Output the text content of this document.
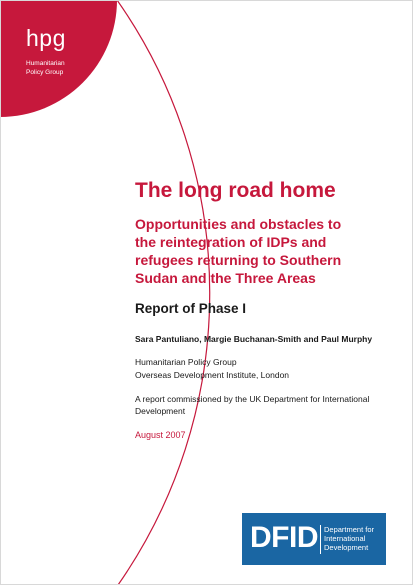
hpg
Humanitarian
Policy Group
The long road home
Opportunities and obstacles to
the reintegration of IDPs and
refugees returning to Southern
Sudan and the Three Areas
Report of Phase I
Sara Pantuliano, Margie Buchanan-Smith and Paul Murphy
Humanitarian Policy Group
Overseas Development Institute, London
A report commissioned by the UK Department for International
Development
August 2007
DFID Department for
International
Development
